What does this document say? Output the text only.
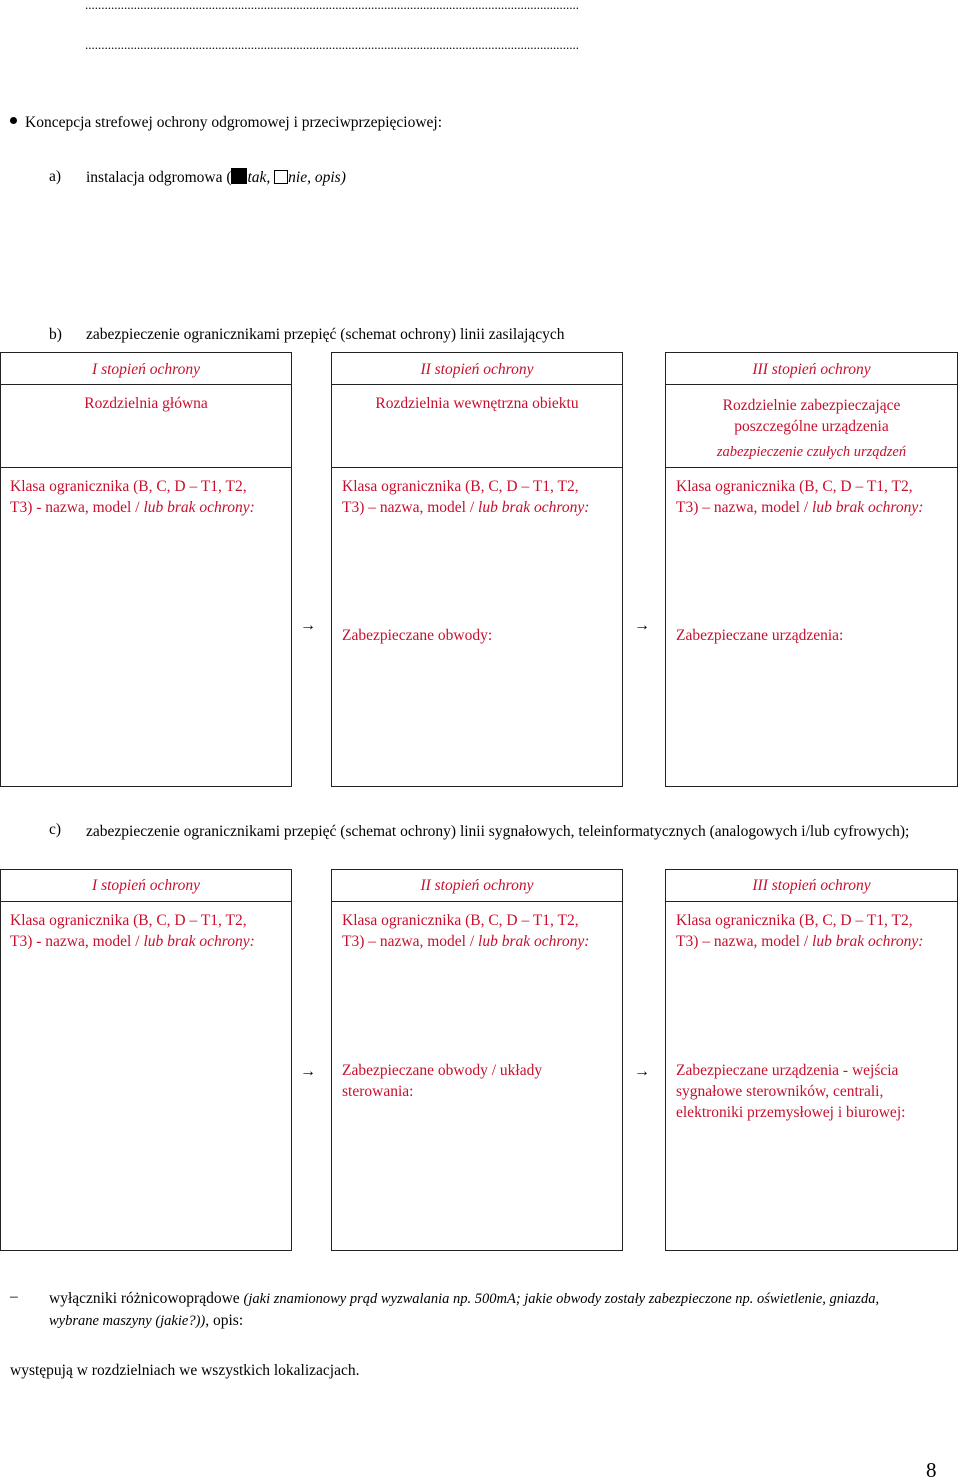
........................................................................................................................................................
........................................................................................................................................................
Koncepcja strefowej ochrony odgromowej i przeciwprzepięciowej:
a) instalacja odgromowa ( tak, nie, opis)
b) zabezpieczenie ogranicznikami przepięć (schemat ochrony) linii zasilających
I stopień ochrony
Rozdzielnia główna
Klasa ogranicznika (B, C, D – T1, T2, T3) - nazwa, model / lub brak ochrony:
II stopień ochrony
Rozdzielnia wewnętrzna obiektu
Klasa ogranicznika (B, C, D – T1, T2, T3) – nazwa, model / lub brak ochrony:
→
Zabezpieczane obwody:
III stopień ochrony
Rozdzielnie zabezpieczające poszczególne urządzenia
zabezpieczenie czułych urządzeń
Klasa ogranicznika (B, C, D – T1, T2, T3) – nazwa, model / lub brak ochrony:
→
Zabezpieczane urządzenia:
c) zabezpieczenie ogranicznikami przepięć (schemat ochrony) linii sygnałowych, teleinformatycznych (analogowych i/lub cyfrowych);
I stopień ochrony
Klasa ogranicznika (B, C, D – T1, T2, T3) - nazwa, model / lub brak ochrony:
II stopień ochrony
Klasa ogranicznika (B, C, D – T1, T2, T3) – nazwa, model / lub brak ochrony:
→ Zabezpieczane obwody / układy sterowania:
III stopień ochrony
Klasa ogranicznika (B, C, D – T1, T2, T3) – nazwa, model / lub brak ochrony:
→ Zabezpieczane urządzenia - wejścia sygnałowe sterowników, centrali, elektroniki przemysłowej i biurowej:
– wyłączniki różnicowoprądowe (jaki znamionowy prąd wyzwalania np. 500mA; jakie obwody zostały zabezpieczone np. oświetlenie, gniazda, wybrane maszyny (jakie?)), opis:
występują w rozdzielniach we wszystkich lokalizacjach.
8
